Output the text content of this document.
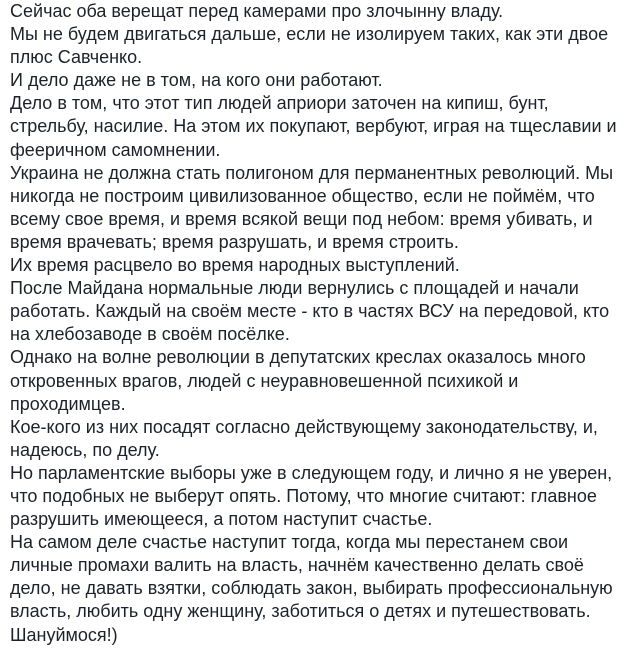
Сейчас оба верещат перед камерами про злочынну владу.

Мы не будем двигаться дальше, если не изолируем таких, как эти двое плюс Савченко.

И дело даже не в том, на кого они работают.

Дело в том, что этот тип людей априори заточен на кипиш, бунт, стрельбу, насилие. На этом их покупают, вербуют, играя на тщеславии и фееричном самомнении.

Украина не должна стать полигоном для перманентных революций. Мы никогда не построим цивилизованное общество, если не поймём, что всему свое время, и время всякой вещи под небом: время убивать, и время врачевать; время разрушать, и время строить.

Их время расцвело во время народных выступлений.

После Майдана нормальные люди вернулись с площадей и начали работать. Каждый на своём месте - кто в частях ВСУ на передовой, кто на хлебозаводе в своём посёлке.

Однако на волне революции в депутатских креслах оказалось много откровенных врагов, людей с неуравновешенной психикой и проходимцев.

Кое-кого из них посадят согласно действующему законодательству, и, надеюсь, по делу.

Но парламентские выборы уже в следующем году, и лично я не уверен, что подобных не выберут опять. Потому, что многие считают: главное разрушить имеющееся, а потом наступит счастье.

На самом деле счастье наступит тогда, когда мы перестанем свои личные промахи валить на власть, начнём качественно делать своё дело, не давать взятки, соблюдать закон, выбирать профессиональную власть, любить одну женщину, заботиться о детях и путешествовать.

Шануймося!)
